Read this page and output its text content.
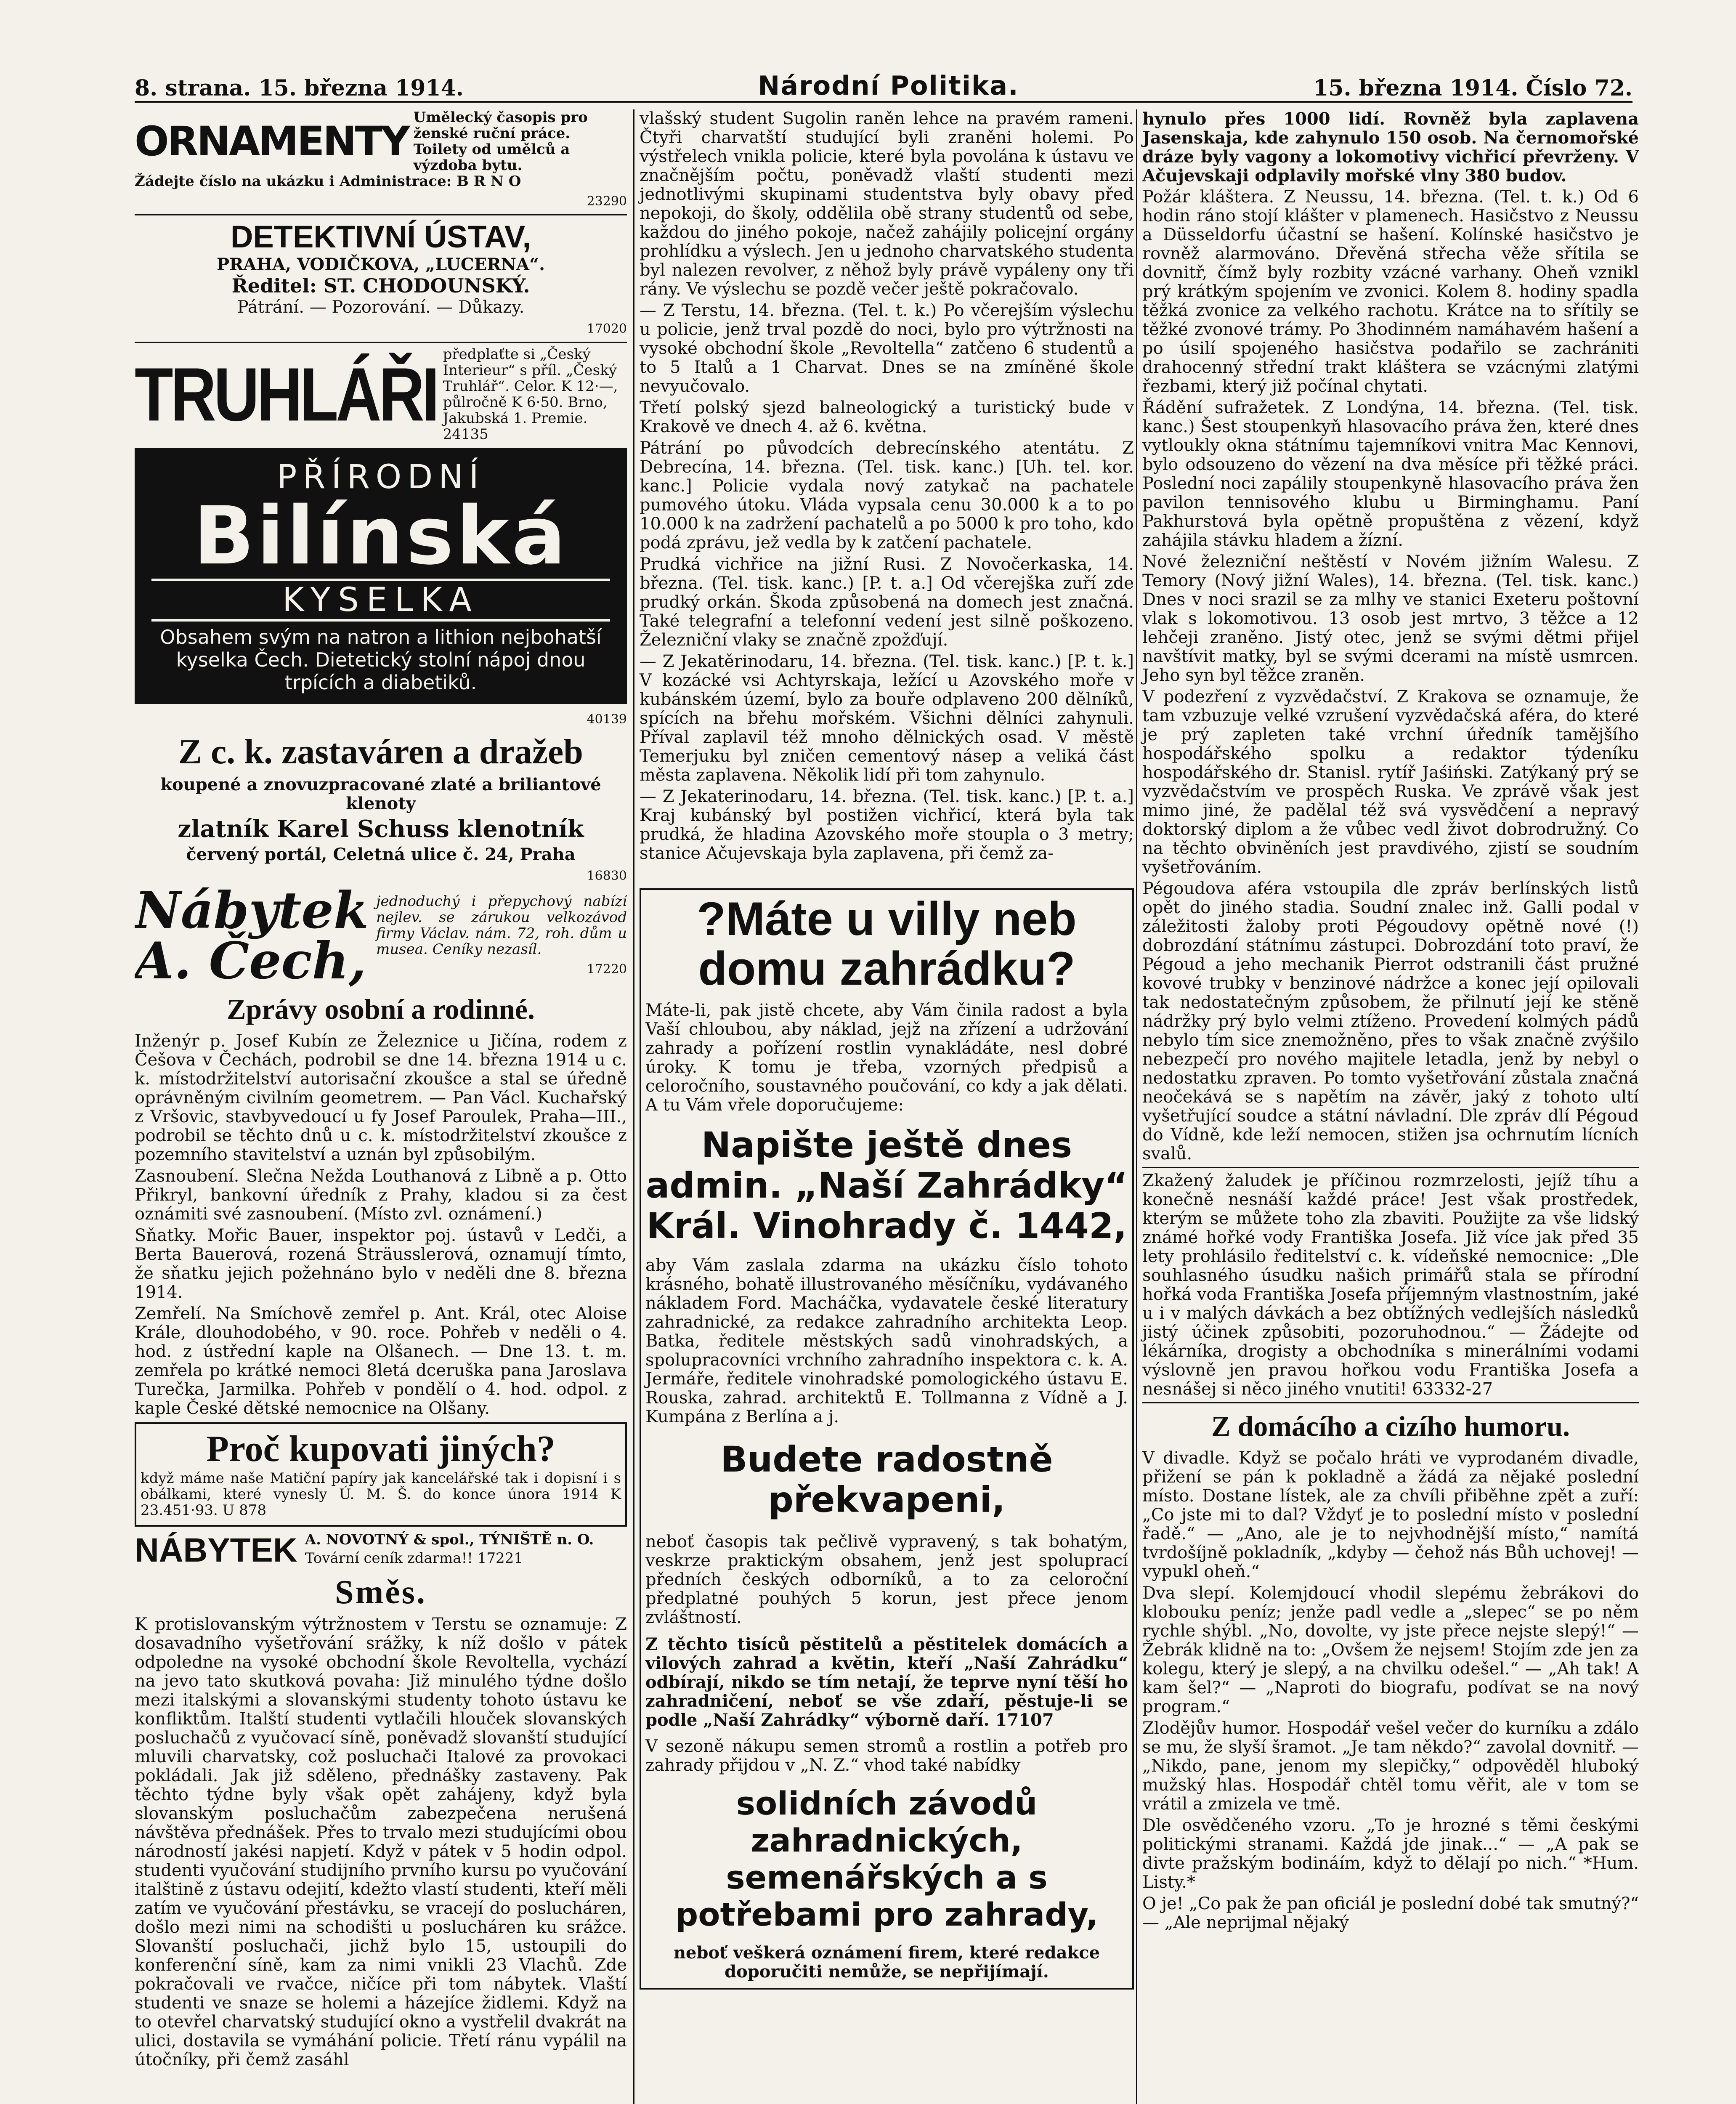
8. strana. 15. března 1914.	Národní Politika.	15. března 1914. Číslo 72.
ORNAMENTY
Umělecký časopis pro ženské ruční práce. Toilety od umělců a výzdoba bytu.

Žádejte číslo na ukázku i Administrace: B R N O

23290

DETEKTIVNÍ ÚSTAV,

PRAHA, VODIČKOVA, „LUCERNA“.

Ředitel: ST. CHODOUNSKÝ.

Pátrání. — Pozorování. — Důkazy.

17020

TRUHLÁŘI předplaťte si „Český Interieur“ s příl. „Český Truhlář“. Celor. K 12·—, půlročně K 6·50. Brno, Jakubská 1. Premie. 24135
PŘÍRODNÍ
Bilínská
KYSELKA
Obsahem svým na natron a lithion nejbohatší kyselka Čech. Dietetický stolní nápoj dnou trpících a diabetiků.

40139

Z c. k. zastaváren a dražeb

koupené a znovuzpracované zlaté a briliantové klenoty

zlatník Karel Schuss klenotník

červený portál, Celetná ulice č. 24, Praha

16830

Nábytek
A. Čech,

jednoduchý i přepychový nabízí nejlev. se zárukou velkozávod firmy Václav. nám. 72, roh. dům u musea. Ceníky nezasíl.

17220

Zprávy osobní a rodinné.

Inženýr p. Josef Kubín ze Železnice u Jičína, rodem z Češova v Čechách, podrobil se dne 14. března 1914 u c. k. místodržitelství autorisační zkoušce a stal se úředně oprávněným civilním geometrem. — Pan Václ. Kuchařský z Vršovic, stavbyvedoucí u fy Josef Paroulek, Praha—III., podrobil se těchto dnů u c. k. místodržitelství zkoušce z pozemního stavitelství a uznán byl způsobilým.

Zasnoubení. Slečna Nežda Louthanová z Libně a p. Otto Přikryl, bankovní úředník z Prahy, kladou si za čest oznámiti své zasnoubení. (Místo zvl. oznámení.)

Sňatky. Mořic Bauer, inspektor poj. ústavů v Ledči, a Berta Bauerová, rozená Sträusslerová, oznamují tímto, že sňatku jejich požehnáno bylo v neděli dne 8. března 1914.

Zemřelí. Na Smíchově zemřel p. Ant. Král, otec Aloise Krále, dlouhodobého, v 90. roce. Pohřeb v neděli o 4. hod. z ústřední kaple na Olšanech. — Dne 13. t. m. zemřela po krátké nemoci 8letá dceruška pana Jaroslava Turečka, Jarmilka. Pohřeb v pondělí o 4. hod. odpol. z kaple České dětské nemocnice na Olšany.

Proč kupovati jiných?

když máme naše Matiční papíry jak kancelářské tak i dopisní i s obálkami, které vynesly Ú. M. Š. do konce února 1914 K 23.451·93. U 878

NÁBYTEK A. NOVOTNÝ & spol., TÝNIŠTĚ n. O.

Tovární ceník zdarma!! 17221

Směs.

K protislovanským výtržnostem v Terstu se oznamuje: Z dosavadního vyšetřování srážky, k níž došlo v pátek odpoledne na vysoké obchodní škole Revoltella, vychází na jevo tato skutková povaha: Již minulého týdne došlo mezi italskými a slovanskými studenty tohoto ústavu ke konfliktům. Italští studenti vytlačili hlouček slovanských posluchačů z vyučovací síně, poněvadž slovanští studující mluvili charvatsky, což posluchači Italové za provokaci pokládali. Jak již sděleno, přednášky zastaveny. Pak těchto týdne byly však opět zahájeny, když byla slovanským posluchačům zabezpečena nerušená návštěva přednášek. Přes to trvalo mezi studujícími obou národností jakési napjetí. Když v pátek v 5 hodin odpol. studenti vyučování studijního prvního kursu po vyučování italštině z ústavu odejití, kdežto vlastí studenti, kteří měli zatím ve vyučování přestávku, se vracejí do poslucháren, došlo mezi nimi na schodišti u poslucháren ku srážce. Slovanští posluchači, jichž bylo 15, ustoupili do konferenční síně, kam za nimi vnikli 23 Vlachů. Zde pokračovali ve rvačce, ničíce při tom nábytek. Vlaští studenti ve snaze se holemi a házejíce židlemi. Když na to otevřel charvatský studující okno a vystřelil dvakrát na ulici, dostavila se vymáhání policie. Třetí ránu vypálil na útočníky, při čemž zasáhl

vlašský student Sugolin raněn lehce na pravém rameni. Čtyři charvatští studující byli zraněni holemi. Po výstřelech vnikla policie, které byla povolána k ústavu ve značnějším počtu, poněvadž vlaští studenti mezi jednotlivými skupinami studentstva byly obavy před nepokoji, do školy, oddělila obě strany studentů od sebe, každou do jiného pokoje, načež zahájily policejní orgány prohlídku a výslech. Jen u jednoho charvatského studenta byl nalezen revolver, z něhož byly právě vypáleny ony tři rány. Ve výslechu se pozdě večer ještě pokračovalo.

— Z Terstu, 14. března. (Tel. t. k.) Po včerejším výslechu u policie, jenž trval pozdě do noci, bylo pro výtržnosti na vysoké obchodní škole „Revoltella“ zatčeno 6 studentů a to 5 Italů a 1 Charvat. Dnes se na zmíněné škole nevyučovalo.

Třetí polský sjezd balneologický a turistický bude v Krakově ve dnech 4. až 6. května.

Pátrání po původcích debrecínského atentátu. Z Debrecína, 14. března. (Tel. tisk. kanc.) [Uh. tel. kor. kanc.] Policie vydala nový zatykač na pachatele pumového útoku. Vláda vypsala cenu 30.000 k a to po 10.000 k na zadržení pachatelů a po 5000 k pro toho, kdo podá zprávu, jež vedla by k zatčení pachatele.

Prudká vichřice na jižní Rusi. Z Novočerkaska, 14. března. (Tel. tisk. kanc.) [P. t. a.] Od včerejška zuří zde prudký orkán. Škoda způsobená na domech jest značná. Také telegrafní a telefonní vedení jest silně poškozeno. Železniční vlaky se značně zpožďují.

— Z Jekatěrinodaru, 14. března. (Tel. tisk. kanc.) [P. t. k.] V kozácké vsi Achtyrskaja, ležící u Azovského moře v kubánském území, bylo za bouře odplaveno 200 dělníků, spících na břehu mořském. Všichni dělníci zahynuli. Příval zaplavil též mnoho dělnických osad. V městě Temerjuku byl zničen cementový násep a veliká část města zaplavena. Několik lidí při tom zahynulo.

— Z Jekaterinodaru, 14. března. (Tel. tisk. kanc.) [P. t. a.] Kraj kubánský byl postižen vichřicí, která byla tak prudká, že hladina Azovského moře stoupla o 3 metry; stanice Ačujevskaja byla zaplavena, při čemž za-

?Máte u villy neb domu zahrádku?

Máte-li, pak jistě chcete, aby Vám činila radost a byla Vaší chloubou, aby náklad, jejž na zřízení a udržování zahrady a pořízení rostlin vynakládáte, nesl dobré úroky. K tomu je třeba, vzorných předpisů a celoročního, soustavného poučování, co kdy a jak dělati. A tu Vám vřele doporučujeme:

Napište ještě dnes admin. „Naší Zahrádky“ Král. Vinohrady č. 1442,

aby Vám zaslala zdarma na ukázku číslo tohoto krásného, bohatě illustrovaného měsíčníku, vydávaného nákladem Ford. Macháčka, vydavatele české literatury zahradnické, za redakce zahradního architekta Leop. Batka, ředitele městských sadů vinohradských, a spolupracovníci vrchního zahradního inspektora c. k. A. Jermáře, ředitele vinohradské pomologického ústavu E. Rouska, zahrad. architektů E. Tollmanna z Vídně a J. Kumpána z Berlína a j.

Budete radostně překvapeni,

neboť časopis tak pečlivě vypravený, s tak bohatým, veskrze praktickým obsahem, jenž jest spoluprací předních českých odborníků, a to za celoroční předplatné pouhých 5 korun, jest přece jenom zvláštností.

Z těchto tisíců pěstitelů a pěstitelek domácích a vilových zahrad a květin, kteří „Naší Zahrádku“ odbírají, nikdo se tím netají, že teprve nyní těší ho zahradničení, neboť se vše zdaří, pěstuje-li se podle „Naší Zahrádky“ výborně daří. 17107

V sezoně nákupu semen stromů a rostlin a potřeb pro zahrady přijdou v „N. Z.“ vhod také nabídky

solidních závodů zahradnických, semenářských a s potřebami pro zahrady,

neboť veškerá oznámení firem, které redakce doporučiti nemůže, se nepřijímají.

hynulo přes 1000 lidí. Rovněž byla zaplavena Jasenskaja, kde zahynulo 150 osob. Na černomořské dráze byly vagony a lokomotivy vichřicí převrženy. V Ačujevskaji odplavily mořské vlny 380 budov.

Požár kláštera. Z Neussu, 14. března. (Tel. t. k.) Od 6 hodin ráno stojí klášter v plamenech. Hasičstvo z Neussu a Düsseldorfu účastní se hašení. Kolínské hasičstvo je rovněž alarmováno. Dřevěná střecha věže sřítila se dovnitř, čímž byly rozbity vzácné varhany. Oheň vznikl prý krátkým spojením ve zvonici. Kolem 8. hodiny spadla těžká zvonice za velkého rachotu. Krátce na to sřítily se těžké zvonové trámy. Po 3hodinném namáhavém hašení a po úsilí spojeného hasičstva podařilo se zachrániti drahocenný střední trakt kláštera se vzácnými zlatými řezbami, který již počínal chytati.

Řádění sufražetek. Z Londýna, 14. března. (Tel. tisk. kanc.) Šest stoupenkyň hlasovacího práva žen, které dnes vytloukly okna státnímu tajemníkovi vnitra Mac Kennovi, bylo odsouzeno do vězení na dva měsíce při těžké práci. Poslední noci zapálily stoupenkyně hlasovacího práva žen pavilon tennisového klubu u Birminghamu. Paní Pakhurstová byla opětně propuštěna z vězení, když zahájila stávku hladem a žízní.

Nové železniční neštěstí v Novém jižním Walesu. Z Temory (Nový jižní Wales), 14. března. (Tel. tisk. kanc.) Dnes v noci srazil se za mlhy ve stanici Exeteru poštovní vlak s lokomotivou. 13 osob jest mrtvo, 3 těžce a 12 lehčeji zraněno. Jistý otec, jenž se svými dětmi přijel navštívit matky, byl se svými dcerami na místě usmrcen. Jeho syn byl těžce zraněn.

V podezření z vyzvědačství. Z Krakova se oznamuje, že tam vzbuzuje velké vzrušení vyzvědačská aféra, do které je prý zapleten také vrchní úředník tamějšího hospodářského spolku a redaktor týdeníku hospodářského dr. Stanisl. rytíř Jaśiński. Zatýkaný prý se vyzvědačstvím ve prospěch Ruska. Ve zprávě však jest mimo jiné, že padělal též svá vysvědčení a nepravý doktorský diplom a že vůbec vedl život dobrodružný. Co na těchto obviněních jest pravdivého, zjistí se soudním vyšetřováním.

Pégoudova aféra vstoupila dle zpráv berlínských listů opět do jiného stadia. Soudní znalec inž. Galli podal v záležitosti žaloby proti Pégoudovy opětně nové (!) dobrozdání státnímu zástupci. Dobrozdání toto praví, že Pégoud a jeho mechanik Pierrot odstranili část pružné kovové trubky v benzinové nádržce a konec její opilovali tak nedostatečným způsobem, že přilnutí její ke stěně nádržky prý bylo velmi ztíženo. Provedení kolmých pádů nebylo tím sice znemožněno, přes to však značně zvýšilo nebezpečí pro nového majitele letadla, jenž by nebyl o nedostatku zpraven. Po tomto vyšetřování zůstala značná neočekává se s napětím na závěr, jaký z tohoto ultí vyšetřující soudce a státní návladní. Dle zpráv dlí Pégoud do Vídně, kde leží nemocen, stižen jsa ochrnutím lícních svalů.

Zkažený žaludek je příčinou rozmrzelosti, jejíž tíhu a konečně nesnáší každé práce! Jest však prostředek, kterým se můžete toho zla zbaviti. Použijte za vše lidský známé hořké vody Františka Josefa. Již více jak před 35 lety prohlásilo ředitelství c. k. vídeňské nemocnice: „Dle souhlasného úsudku našich primářů stala se přírodní hořká voda Františka Josefa příjemným vlastnostním, jaké u i v malých dávkách a bez obtížných vedlejších následků jistý účinek způsobiti, pozoruhodnou.“ — Žádejte od lékárníka, drogisty a obchodníka s minerálními vodami výslovně jen pravou hořkou vodu Františka Josefa a nesnášej si něco jiného vnutiti! 63332-27

Z domácího a cizího humoru.

V divadle. Když se počalo hráti ve vyprodaném divadle, přižení se pán k pokladně a žádá za nějaké poslední místo. Dostane lístek, ale za chvíli přiběhne zpět a zuří: „Co jste mi to dal? Vždyť je to poslední místo v poslední řadě.“ — „Ano, ale je to nejvhodnější místo,“ namítá tvrdošíjně pokladník, „kdyby — čehož nás Bůh uchovej! — vypukl oheň.“

Dva slepí. Kolemjdoucí vhodil slepému žebrákovi do klobouku peníz; jenže padl vedle a „slepec“ se po něm rychle shýbl. „No, dovolte, vy jste přece nejste slepý!“ — Žebrák klidně na to: „Ovšem že nejsem! Stojím zde jen za kolegu, který je slepý, a na chvilku odešel.“ — „Ah tak! A kam šel?“ — „Naproti do biografu, podívat se na nový program.“

Zlodějův humor. Hospodář vešel večer do kurníku a zdálo se mu, že slyší šramot. „Je tam někdo?“ zavolal dovnitř. — „Nikdo, pane, jenom my slepičky,“ odpověděl hluboký mužský hlas. Hospodář chtěl tomu věřit, ale v tom se vrátil a zmizela ve tmě.

Dle osvědčeného vzoru. „To je hrozné s těmi českými politickými stranami. Každá jde jinak...“ — „A pak se divte pražským bodináím, když to dělají po nich.“ *Hum. Listy.*

O je! „Co pak že pan oficiál je poslední dobé tak smutný?“ — „Ale neprijmal nějaký
